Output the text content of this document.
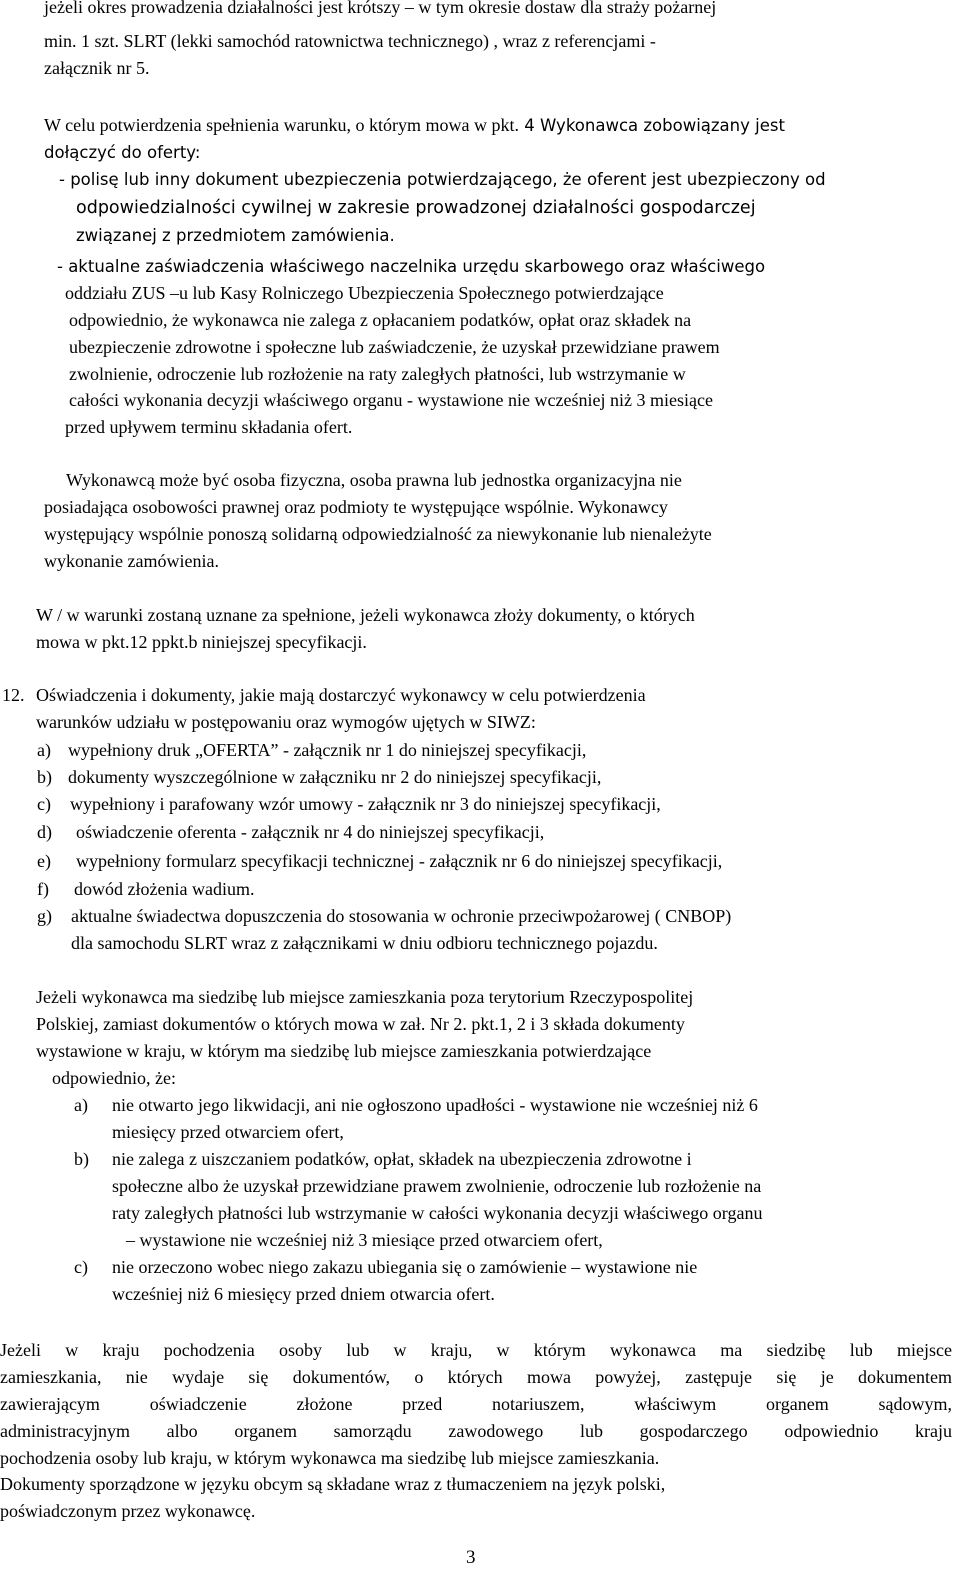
jeżeli okres prowadzenia działalności jest krótszy – w tym okresie dostaw dla straży pożarnej
min. 1 szt. SLRT (lekki samochód ratownictwa technicznego) , wraz z referencjami -
załącznik nr 5.
W celu potwierdzenia spełnienia warunku, o którym mowa w pkt. 4 Wykonawca zobowiązany jest
dołączyć do oferty:
- polisę lub inny dokument ubezpieczenia potwierdzającego, że oferent jest ubezpieczony od
odpowiedzialności cywilnej w zakresie prowadzonej działalności gospodarczej
związanej z przedmiotem zamówienia.
- aktualne zaświadczenia właściwego naczelnika urzędu skarbowego oraz właściwego
oddziału ZUS –u lub Kasy Rolniczego Ubezpieczenia Społecznego potwierdzające
odpowiednio, że wykonawca nie zalega z opłacaniem podatków, opłat oraz składek na
ubezpieczenie zdrowotne i społeczne lub zaświadczenie, że uzyskał przewidziane prawem
zwolnienie, odroczenie lub rozłożenie na raty zaległych płatności, lub wstrzymanie w
całości wykonania decyzji właściwego organu - wystawione nie wcześniej niż 3 miesiące
przed upływem terminu składania ofert.
Wykonawcą może być osoba fizyczna, osoba prawna lub jednostka organizacyjna nie
posiadająca osobowości prawnej oraz podmioty te występujące wspólnie. Wykonawcy
występujący wspólnie ponoszą solidarną odpowiedzialność za niewykonanie lub nienależyte
wykonanie zamówienia.
W / w warunki zostaną uznane za spełnione, jeżeli wykonawca złoży dokumenty, o których
mowa w pkt.12 ppkt.b niniejszej specyfikacji.
12. Oświadczenia i dokumenty, jakie mają dostarczyć wykonawcy w celu potwierdzenia
warunków udziału w postępowaniu oraz wymogów ujętych w SIWZ:
a) wypełniony druk „OFERTA” - załącznik nr 1 do niniejszej specyfikacji,
b) dokumenty wyszczególnione w załączniku nr 2 do niniejszej specyfikacji,
c) wypełniony i parafowany wzór umowy - załącznik nr 3 do niniejszej specyfikacji,
d) oświadczenie oferenta - załącznik nr 4 do niniejszej specyfikacji,
e) wypełniony formularz specyfikacji technicznej - załącznik nr 6 do niniejszej specyfikacji,
f) dowód złożenia wadium.
g) aktualne świadectwa dopuszczenia do stosowania w ochronie przeciwpożarowej ( CNBOP)
dla samochodu SLRT wraz z załącznikami w dniu odbioru technicznego pojazdu.
Jeżeli wykonawca ma siedzibę lub miejsce zamieszkania poza terytorium Rzeczypospolitej
Polskiej, zamiast dokumentów o których mowa w zał. Nr 2. pkt.1, 2 i 3 składa dokumenty
wystawione w kraju, w którym ma siedzibę lub miejsce zamieszkania potwierdzające
odpowiednio, że:
a) nie otwarto jego likwidacji, ani nie ogłoszono upadłości - wystawione nie wcześniej niż 6
miesięcy przed otwarciem ofert,
b) nie zalega z uiszczaniem podatków, opłat, składek na ubezpieczenia zdrowotne i
społeczne albo że uzyskał przewidziane prawem zwolnienie, odroczenie lub rozłożenie na
raty zaległych płatności lub wstrzymanie w całości wykonania decyzji właściwego organu
– wystawione nie wcześniej niż 3 miesiące przed otwarciem ofert,
c) nie orzeczono wobec niego zakazu ubiegania się o zamówienie – wystawione nie
wcześniej niż 6 miesięcy przed dniem otwarcia ofert.
Jeżeli w kraju pochodzenia osoby lub w kraju, w którym wykonawca ma siedzibę lub miejsce
zamieszkania, nie wydaje się dokumentów, o których mowa powyżej, zastępuje się je dokumentem
zawierającym oświadczenie złożone przed notariuszem, właściwym organem sądowym,
administracyjnym albo organem samorządu zawodowego lub gospodarczego odpowiednio kraju
pochodzenia osoby lub kraju, w którym wykonawca ma siedzibę lub miejsce zamieszkania.
Dokumenty sporządzone w języku obcym są składane wraz z tłumaczeniem na język polski,
poświadczonym przez wykonawcę.
3
